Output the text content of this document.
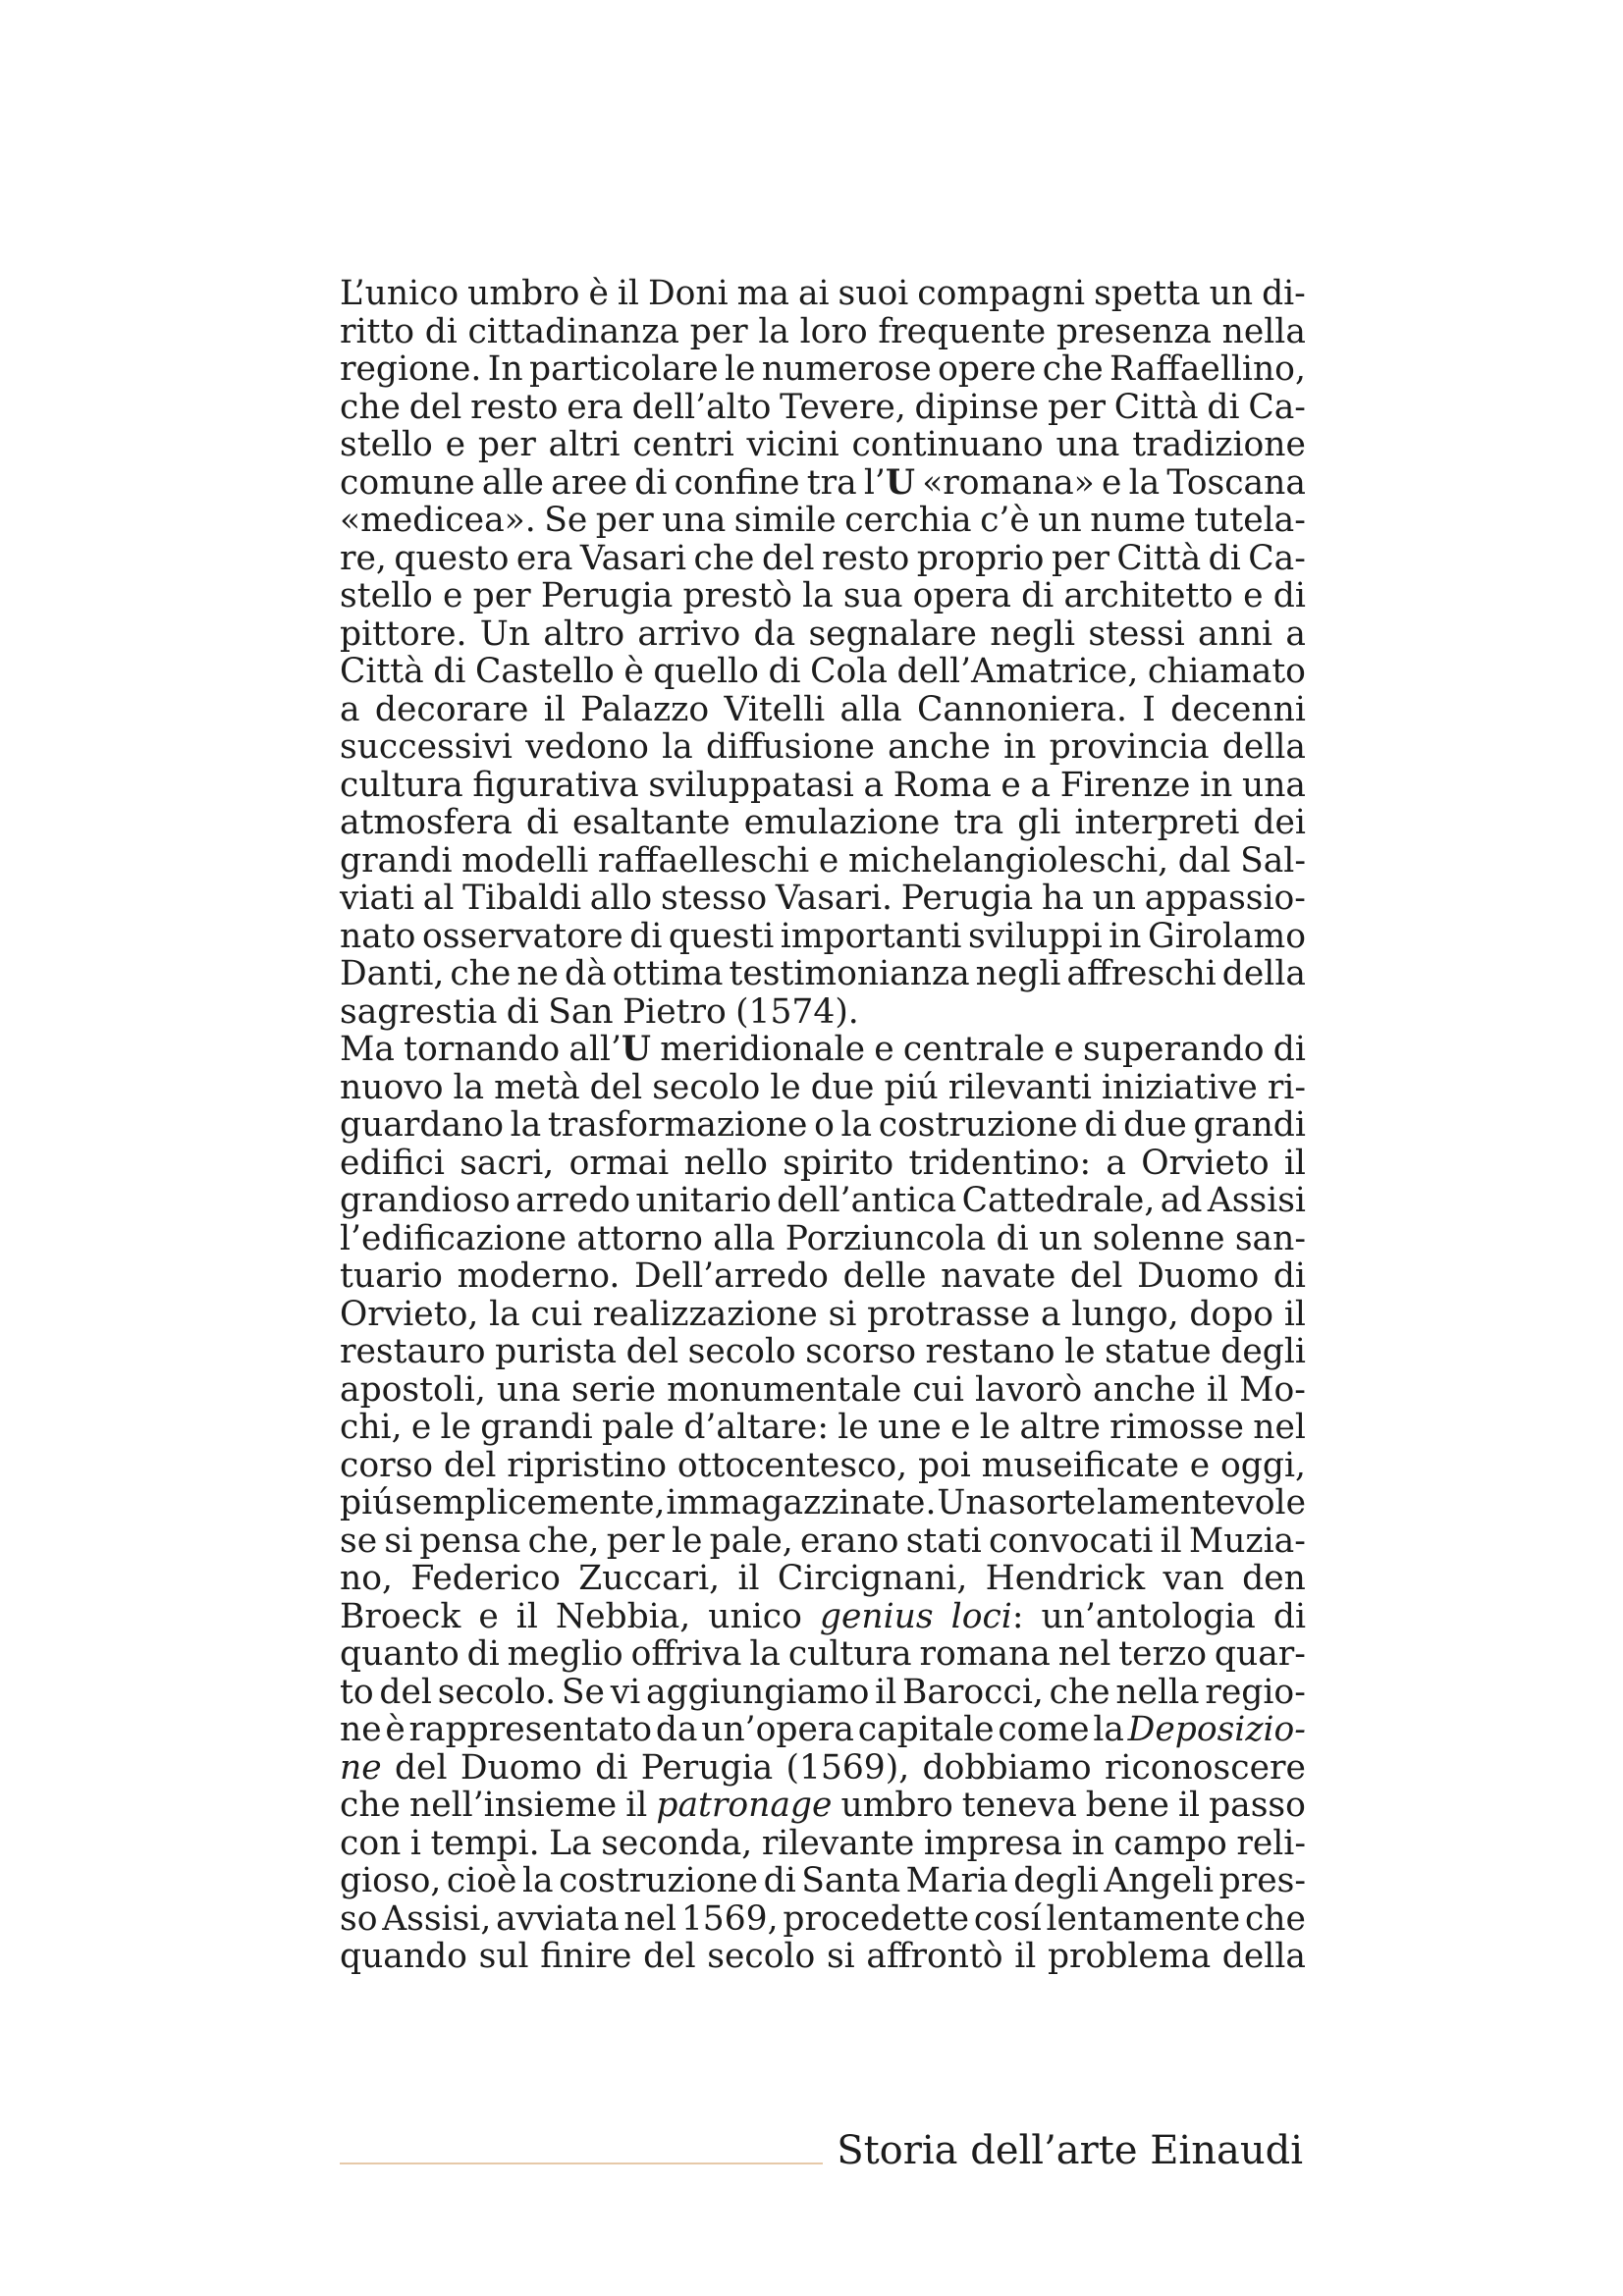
L’unico umbro è il Doni ma ai suoi compagni spetta un di-
ritto di cittadinanza per la loro frequente presenza nella
regione. In particolare le numerose opere che Raffaellino,
che del resto era dell’alto Tevere, dipinse per Città di Ca-
stello e per altri centri vicini continuano una tradizione
comune alle aree di confine tra l’U «romana» e la Toscana
«medicea». Se per una simile cerchia c’è un nume tutela-
re, questo era Vasari che del resto proprio per Città di Ca-
stello e per Perugia prestò la sua opera di architetto e di
pittore. Un altro arrivo da segnalare negli stessi anni a
Città di Castello è quello di Cola dell’Amatrice, chiamato
a decorare il Palazzo Vitelli alla Cannoniera. I decenni
successivi vedono la diffusione anche in provincia della
cultura figurativa sviluppatasi a Roma e a Firenze in una
atmosfera di esaltante emulazione tra gli interpreti dei
grandi modelli raffaelleschi e michelangioleschi, dal Sal-
viati al Tibaldi allo stesso Vasari. Perugia ha un appassio-
nato osservatore di questi importanti sviluppi in Girolamo
Danti, che ne dà ottima testimonianza negli affreschi della
sagrestia di San Pietro (1574).
Ma tornando all’U meridionale e centrale e superando di
nuovo la metà del secolo le due piú rilevanti iniziative ri-
guardano la trasformazione o la costruzione di due grandi
edifici sacri, ormai nello spirito tridentino: a Orvieto il
grandioso arredo unitario dell’antica Cattedrale, ad Assisi
l’edificazione attorno alla Porziuncola di un solenne san-
tuario moderno. Dell’arredo delle navate del Duomo di
Orvieto, la cui realizzazione si protrasse a lungo, dopo il
restauro purista del secolo scorso restano le statue degli
apostoli, una serie monumentale cui lavorò anche il Mo-
chi, e le grandi pale d’altare: le une e le altre rimosse nel
corso del ripristino ottocentesco, poi museificate e oggi,
piú semplicemente, immagazzinate. Una sorte lamentevole
se si pensa che, per le pale, erano stati convocati il Muzia-
no, Federico Zuccari, il Circignani, Hendrick van den
Broeck e il Nebbia, unico genius loci: un’antologia di
quanto di meglio offriva la cultura romana nel terzo quar-
to del secolo. Se vi aggiungiamo il Barocci, che nella regio-
ne è rappresentato da un’opera capitale come la Deposizio-
ne del Duomo di Perugia (1569), dobbiamo riconoscere
che nell’insieme il patronage umbro teneva bene il passo
con i tempi. La seconda, rilevante impresa in campo reli-
gioso, cioè la costruzione di Santa Maria degli Angeli pres-
so Assisi, avviata nel 1569, procedette cosí lentamente che
quando sul finire del secolo si affrontò il problema della
Storia dell’arte Einaudi
